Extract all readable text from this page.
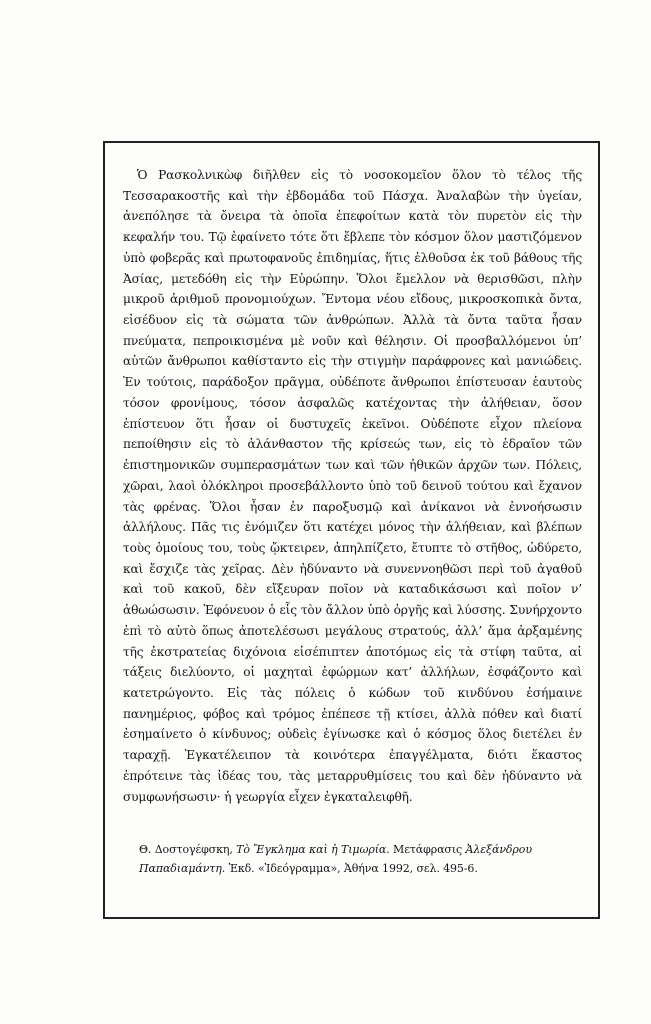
Ὁ Ρασκολνικὼφ διῆλθεν εἰς τὸ νοσοκομεῖον ὅλον τὸ τέλος τῆς Τεσσαρακοστῆς καὶ τὴν ἑβδομάδα τοῦ Πάσχα. Ἀναλαβὼν τὴν ὑγείαν, ἀνεπόλησε τὰ ὄνειρα τὰ ὁποῖα ἐπεφοίτων κατὰ τὸν πυρετὸν εἰς τὴν κεφαλήν του. Τῷ ἐφαίνετο τότε ὅτι ἔβλεπε τὸν κόσμον ὅλον μαστιζόμενον ὑπὸ φοβερᾶς καὶ πρωτοφανοῦς ἐπιδημίας, ἥτις ἐλθοῦσα ἐκ τοῦ βάθους τῆς Ἀσίας, μετεδόθη εἰς τὴν Εὐρώπην. Ὅλοι ἔμελλον νὰ θερισθῶσι, πλὴν μικροῦ ἀριθμοῦ προνομιούχων. Ἔντομα νέου εἴδους, μικροσκοπικὰ ὄντα, εἰσέδυον εἰς τὰ σώματα τῶν ἀνθρώπων. Ἀλλὰ τὰ ὄντα ταῦτα ἦσαν πνεύματα, πεπροικισμένα μὲ νοῦν καὶ θέλησιν. Οἱ προσβαλλόμενοι ὑπ’ αὐτῶν ἄνθρωποι καθίσταντο εἰς τὴν στιγμὴν παράφρονες καὶ μανιώδεις. Ἐν τούτοις, παράδοξον πρᾶγμα, οὐδέποτε ἄνθρωποι ἐπίστευσαν ἑαυτοὺς τόσον φρονίμους, τόσον ἀσφαλῶς κατέχοντας τὴν ἀλήθειαν, ὅσον ἐπίστευον ὅτι ἦσαν οἱ δυστυχεῖς ἐκεῖνοι. Οὐδέποτε εἶχον πλείονα πεποίθησιν εἰς τὸ ἀλάνθαστον τῆς κρίσεώς των, εἰς τὸ ἑδραῖον τῶν ἐπιστημονικῶν συμπερασμάτων των καὶ τῶν ἠθικῶν ἀρχῶν των. Πόλεις, χῶραι, λαοὶ ὁλόκληροι προσεβάλλοντο ὑπὸ τοῦ δεινοῦ τούτου καὶ ἔχανον τὰς φρένας. Ὅλοι ἦσαν ἐν παροξυσμῷ καὶ ἀνίκανοι νὰ ἐννοήσωσιν ἀλλήλους. Πᾶς τις ἐνόμιζεν ὅτι κατέχει μόνος τὴν ἀλήθειαν, καὶ βλέπων τοὺς ὁμοίους του, τοὺς ᾤκτειρεν, ἀπηλπίζετο, ἔτυπτε τὸ στῆθος, ὠδύρετο, καὶ ἔσχιζε τὰς χεῖρας. Δὲν ἠδύναντο νὰ συνεννοηθῶσι περὶ τοῦ ἀγαθοῦ καὶ τοῦ κακοῦ, δὲν εἴξευραν ποῖον νὰ καταδικάσωσι καὶ ποῖον ν’ ἀθωώσωσιν. Ἐφόνευον ὁ εἷς τὸν ἄλλον ὑπὸ ὀργῆς καὶ λύσσης. Συνήρχοντο ἐπὶ τὸ αὐτὸ ὅπως ἀποτελέσωσι μεγάλους στρατούς, ἀλλ’ ἅμα ἀρξαμένης τῆς ἐκστρατείας διχόνοια εἰσέπιπτεν ἀποτόμως εἰς τὰ στίφη ταῦτα, αἱ τάξεις διελύοντο, οἱ μαχηταὶ ἐφώρμων κατ’ ἀλλήλων, ἐσφάζοντο καὶ κατετρώγοντο. Εἰς τὰς πόλεις ὁ κώδων τοῦ κινδύνου ἐσήμαινε πανημέριος, φόβος καὶ τρόμος ἐπέπεσε τῇ κτίσει, ἀλλὰ πόθεν καὶ διατί ἐσημαίνετο ὁ κίνδυνος; οὐδεὶς ἐγίνωσκε καὶ ὁ κόσμος ὅλος διετέλει ἐν ταραχῇ. Ἐγκατέλειπον τὰ κοινότερα ἐπαγγέλματα, διότι ἕκαστος ἐπρότεινε τὰς ἰδέας του, τὰς μεταρρυθμίσεις του καὶ δὲν ἠδύναντο νὰ συμφωνήσωσιν· ἡ γεωργία εἶχεν ἐγκαταλειφθῆ.

Θ. Δοστογέφσκη, Τὸ Ἔγκλημα καὶ ἡ Τιμωρία. Μετάφρασις Ἀλεξάνδρου Παπαδιαμάντη. Ἐκδ. «Ἰδεόγραμμα», Ἀθήνα 1992, σελ. 495-6.
